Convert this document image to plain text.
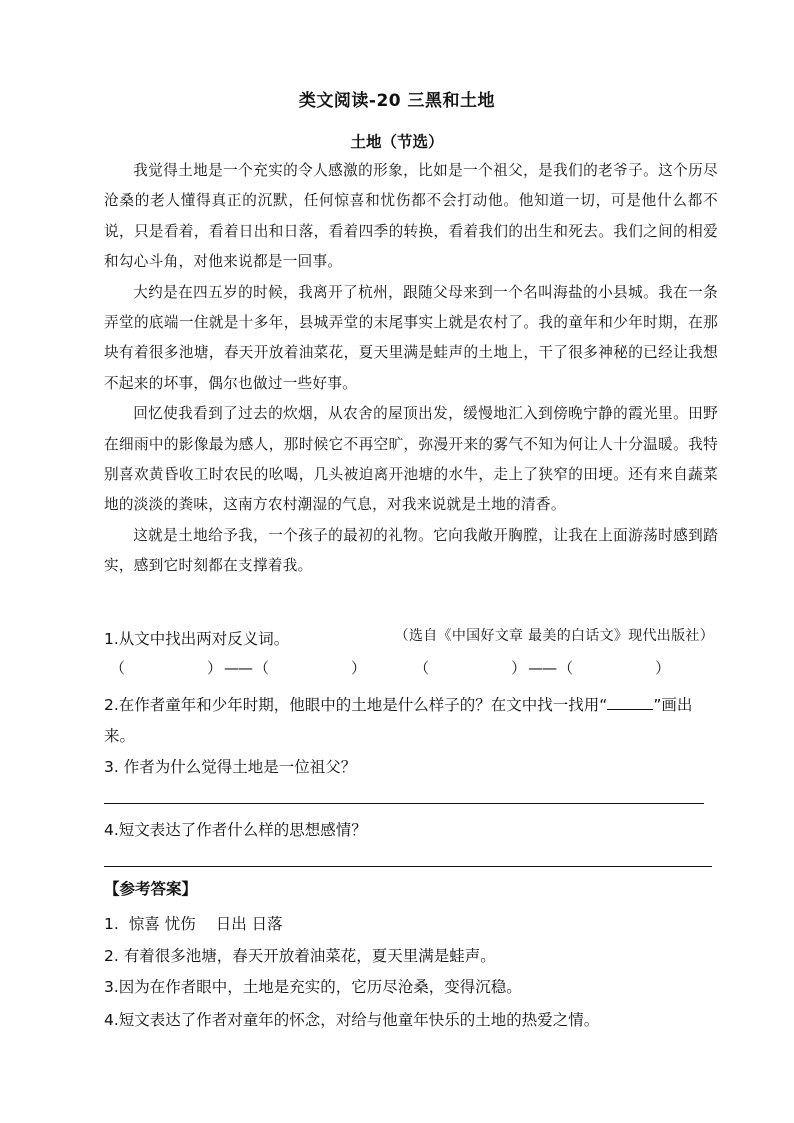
类文阅读-20 三黑和土地
土地（节选）

我觉得土地是一个充实的令人感激的形象，比如是一个祖父，是我们的老爷子。这个历尽沧桑的老人懂得真正的沉默，任何惊喜和忧伤都不会打动他。他知道一切，可是他什么都不说，只是看着，看着日出和日落，看着四季的转换，看着我们的出生和死去。我们之间的相爱和勾心斗角，对他来说都是一回事。

大约是在四五岁的时候，我离开了杭州，跟随父母来到一个名叫海盐的小县城。我在一条弄堂的底端一住就是十多年，县城弄堂的末尾事实上就是农村了。我的童年和少年时期，在那块有着很多池塘，春天开放着油菜花，夏天里满是蛙声的土地上，干了很多神秘的已经让我想不起来的坏事，偶尔也做过一些好事。

回忆使我看到了过去的炊烟，从农舍的屋顶出发，缓慢地汇入到傍晚宁静的霞光里。田野在细雨中的影像最为感人，那时候它不再空旷，弥漫开来的雾气不知为何让人十分温暖。我特别喜欢黄昏收工时农民的吆喝，几头被迫离开池塘的水牛，走上了狭窄的田埂。还有来自蔬菜地的淡淡的粪味，这南方农村潮湿的气息，对我来说就是土地的清香。

这就是土地给予我，一个孩子的最初的礼物。它向我敞开胸膛，让我在上面游荡时感到踏实，感到它时刻都在支撑着我。

（选自《中国好文章 最美的白话文》现代出版社）
1.从文中找出两对反义词。
（	） —— （	）	（	） —— （	）
2.在作者童年和少年时期，他眼中的土地是什么样子的？在文中找一找用“	”画出来。
3. 作者为什么觉得土地是一位祖父？
4.短文表达了作者什么样的思想感情？
【参考答案】
1. 惊喜 忧伤 日出 日落
2. 有着很多池塘，春天开放着油菜花，夏天里满是蛙声。
3.因为在作者眼中，土地是充实的，它历尽沧桑，变得沉稳。
4.短文表达了作者对童年的怀念，对给与他童年快乐的土地的热爱之情。
